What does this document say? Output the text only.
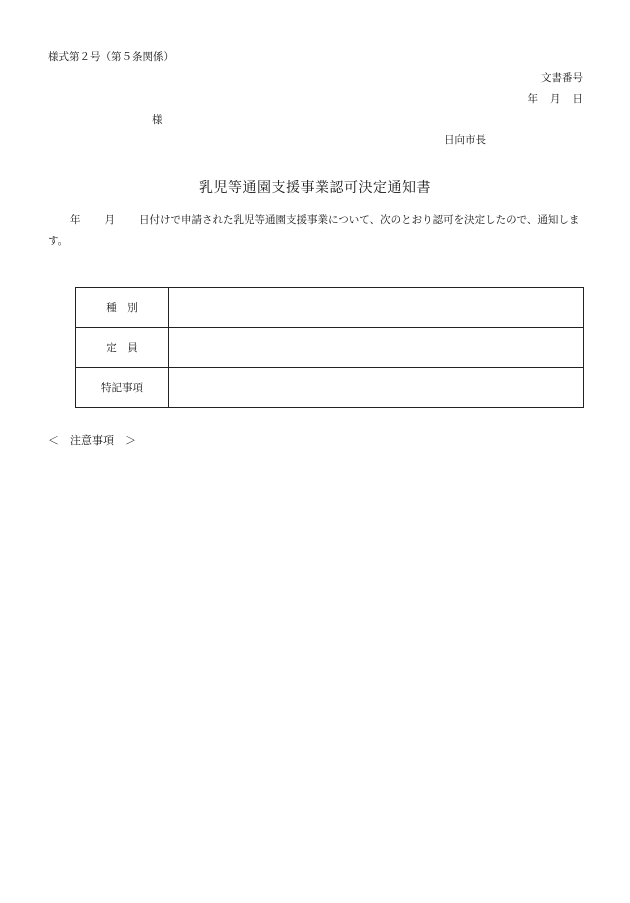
様式第２号（第５条関係）
文書番号
年 月 日
様
日向市長
乳児等通園支援事業認可決定通知書
年 月 日付けで申請された乳児等通園支援事業について、次のとおり認可を決定したので、通知します。
種　別	
定　員	
特記事項	
＜　注意事項　＞
